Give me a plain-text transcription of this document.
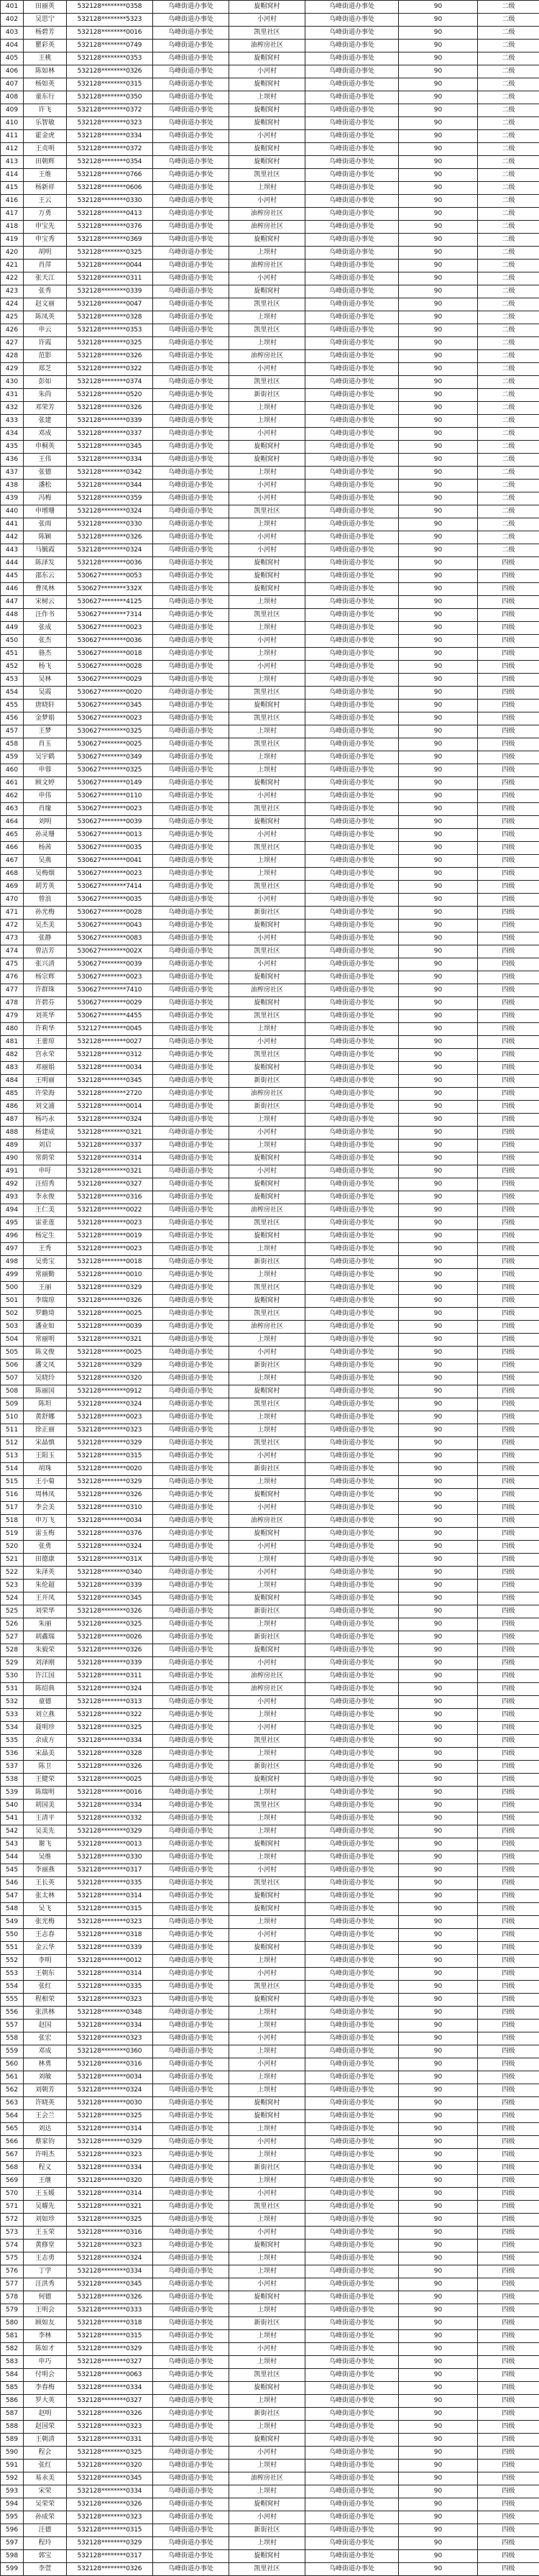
401	田丽英	532128********0358	乌峰街道办事处	旋帽窝村	乌峰街道办事处	90	二级
402	吴思宁	532128********5323	乌峰街道办事处	小河村	乌峰街道办事处	90	二级
403	杨碧芳	532128********0016	乌峰街道办事处	凯里社区	乌峰街道办事处	90	二级
404	瞿彩英	532128********0749	乌峰街道办事处	油榨房社区	乌峰街道办事处	90	二级
405	王桃	532128********0353	乌峰街道办事处	旋帽窝村	乌峰街道办事处	90	二级
406	陈如林	532128********0326	乌峰街道办事处	小河村	乌峰街道办事处	90	二级
407	杨如英	532128********0315	乌峰街道办事处	旋帽窝村	乌峰街道办事处	90	二级
408	童东行	532128********0350	乌峰街道办事处	上坝村	乌峰街道办事处	90	二级
409	许飞	532128********0372	乌峰街道办事处	旋帽窝村	乌峰街道办事处	90	二级
410	乐智敏	532128********0323	乌峰街道办事处	旋帽窝村	乌峰街道办事处	90	二级
411	霍金虎	532128********0334	乌峰街道办事处	小河村	乌峰街道办事处	90	二级
412	王贞明	532128********0372	乌峰街道办事处	旋帽窝村	乌峰街道办事处	90	二级
413	田朝辉	532128********0354	乌峰街道办事处	旋帽窝村	乌峰街道办事处	90	二级
414	王维	532128********0766	乌峰街道办事处	凯里社区	乌峰街道办事处	90	二级
415	杨新祥	532128********0606	乌峰街道办事处	上坝村	乌峰街道办事处	90	二级
416	王云	532128********0330	乌峰街道办事处	小河村	乌峰街道办事处	90	二级
417	万勇	532128********0413	乌峰街道办事处	油榨房社区	乌峰街道办事处	90	二级
418	申宝先	532128********0376	乌峰街道办事处	油榨房社区	乌峰街道办事处	90	二级
419	申宝秀	532128********0369	乌峰街道办事处	旋帽窝村	乌峰街道办事处	90	二级
420	胡明	532128********0325	乌峰街道办事处	上坝村	乌峰街道办事处	90	二级
421	肖萍	532128********0044	乌峰街道办事处	油榨房社区	乌峰街道办事处	90	二级
422	张天江	532128********0311	乌峰街道办事处	小河村	乌峰街道办事处	90	二级
423	张秀	532128********0339	乌峰街道办事处	旋帽窝村	乌峰街道办事处	90	二级
424	赵文丽	532128********0047	乌峰街道办事处	凯里社区	乌峰街道办事处	90	二级
425	陈凤英	532128********0328	乌峰街道办事处	上坝村	乌峰街道办事处	90	二级
426	申云	532128********0353	乌峰街道办事处	凯里社区	乌峰街道办事处	90	二级
427	许霞	532128********0325	乌峰街道办事处	上坝村	乌峰街道办事处	90	二级
428	范影	532128********0326	乌峰街道办事处	油榨房社区	乌峰街道办事处	90	二级
429	郑芝	532128********0322	乌峰街道办事处	小河村	乌峰街道办事处	90	二级
430	彭如	532128********0374	乌峰街道办事处	凯里社区	乌峰街道办事处	90	二级
431	朱尚	532128********0520	乌峰街道办事处	新街社区	乌峰街道办事处	90	二级
432	邓荣芳	532128********0326	乌峰街道办事处	上坝村	乌峰街道办事处	90	二级
433	张建	532128********0339	乌峰街道办事处	上坝村	乌峰街道办事处	90	二级
434	邓成	532128********0337	乌峰街道办事处	小河村	乌峰街道办事处	90	二级
435	申桐英	532128********0345	乌峰街道办事处	旋帽窝村	乌峰街道办事处	90	二级
436	王伟	532128********0334	乌峰街道办事处	旋帽窝村	乌峰街道办事处	90	二级
437	张德	532128********0342	乌峰街道办事处	上坝村	乌峰街道办事处	90	二级
438	潘松	532128********0344	乌峰街道办事处	小河村	乌峰街道办事处	90	二级
439	冯梅	532128********0359	乌峰街道办事处	小河村	乌峰街道办事处	90	二级
440	申增珊	532128********0324	乌峰街道办事处	凯里社区	乌峰街道办事处	90	二级
441	张雨	532128********0330	乌峰街道办事处	上坝村	乌峰街道办事处	90	二级
442	陈颖	532128********0326	乌峰街道办事处	小河村	乌峰街道办事处	90	二级
443	马毓霞	532128********0324	乌峰街道办事处	小河村	乌峰街道办事处	90	二级
444	陈泽发	532128********0036	乌峰街道办事处	旋帽窝村	乌峰街道办事处	90	四级
445	邵东云	530627********0053	乌峰街道办事处	旋帽窝村	乌峰街道办事处	90	四级
446	曹凤林	530627********332X	乌峰街道办事处	旋帽窝村	乌峰街道办事处	90	四级
447	宋树云	530627********4125	乌峰街道办事处	上坝村	乌峰街道办事处	90	四级
448	汪作书	530627********7314	乌峰街道办事处	凯里社区	乌峰街道办事处	90	四级
449	张成	530627********0023	乌峰街道办事处	上坝村	乌峰街道办事处	90	四级
450	张杰	530627********0036	乌峰街道办事处	小河村	乌峰街道办事处	90	四级
451	骆杰	530627********0018	乌峰街道办事处	上坝村	乌峰街道办事处	90	四级
452	杨飞	530627********0028	乌峰街道办事处	小河村	乌峰街道办事处	90	四级
453	吴林	530627********0029	乌峰街道办事处	上坝村	乌峰街道办事处	90	四级
454	吴霞	530627********0020	乌峰街道办事处	凯里社区	乌峰街道办事处	90	四级
455	唐晓轩	530627********0345	乌峰街道办事处	旋帽窝村	乌峰街道办事处	90	四级
456	金梦娟	530627********0023	乌峰街道办事处	凯里社区	乌峰街道办事处	90	四级
457	王梦	530627********0325	乌峰街道办事处	上坝村	乌峰街道办事处	90	四级
458	肖玉	530627********0025	乌峰街道办事处	凯里社区	乌峰街道办事处	90	四级
459	吴宇鹤	530627********0349	乌峰街道办事处	上坝村	乌峰街道办事处	90	四级
460	申蓉	530627********0325	乌峰街道办事处	上坝村	乌峰街道办事处	90	四级
461	顾文婷	530627********0149	乌峰街道办事处	旋帽窝村	乌峰街道办事处	90	四级
462	申伟	530627********0110	乌峰街道办事处	小河村	乌峰街道办事处	90	四级
463	肖缘	530627********0023	乌峰街道办事处	凯里社区	乌峰街道办事处	90	四级
464	刘明	530627********0039	乌峰街道办事处	旋帽窝村	乌峰街道办事处	90	四级
465	孙灵珊	530627********0013	乌峰街道办事处	小河村	乌峰街道办事处	90	四级
466	杨茜	530627********0035	乌峰街道办事处	凯里社区	乌峰街道办事处	90	四级
467	吴燕	530627********0041	乌峰街道办事处	上坝村	乌峰街道办事处	90	四级
468	吴梅烟	530627********0023	乌峰街道办事处	上坝村	乌峰街道办事处	90	四级
469	胡芳英	530627********7414	乌峰街道办事处	凯里社区	乌峰街道办事处	90	四级
470	曾浪	530627********0035	乌峰街道办事处	小河村	乌峰街道办事处	90	四级
471	孙光梅	530627********0028	乌峰街道办事处	新街社区	乌峰街道办事处	90	四级
472	吴杰美	530627********0043	乌峰街道办事处	旋帽窝村	乌峰街道办事处	90	四级
473	张静	530627********0083	乌峰街道办事处	小河村	乌峰街道办事处	90	四级
474	曾洁芳	530627********002X	乌峰街道办事处	凯里社区	乌峰街道办事处	90	四级
475	张兴清	530627********0039	乌峰街道办事处	小河村	乌峰街道办事处	90	四级
476	杨宗辉	530627********0023	乌峰街道办事处	旋帽窝村	乌峰街道办事处	90	四级
477	许群珠	530627********7410	乌峰街道办事处	油榨房社区	乌峰街道办事处	90	四级
478	许碧芬	530627********0029	乌峰街道办事处	旋帽窝村	乌峰街道办事处	90	四级
479	刘英华	530627********4455	乌峰街道办事处	凯里社区	乌峰街道办事处	90	四级
480	许莉华	532127********0045	乌峰街道办事处	上坝村	乌峰街道办事处	90	四级
481	王蕾琼	532128********0027	乌峰街道办事处	小河村	乌峰街道办事处	90	四级
482	宫永荣	532128********0312	乌峰街道办事处	凯里社区	乌峰街道办事处	90	四级
483	邓丽娟	532128********0034	乌峰街道办事处	旋帽窝村	乌峰街道办事处	90	四级
484	王明丽	532128********0345	乌峰街道办事处	新街社区	乌峰街道办事处	90	四级
485	许荣海	532128********2720	乌峰街道办事处	油榨房社区	乌峰街道办事处	90	四级
486	刘文浦	532128********0014	乌峰街道办事处	新街社区	乌峰街道办事处	90	四级
487	杨巧永	532128********0324	乌峰街道办事处	上坝村	乌峰街道办事处	90	四级
488	杨建成	532128********0321	乌峰街道办事处	小河村	乌峰街道办事处	90	四级
489	刘启	532128********0337	乌峰街道办事处	上坝村	乌峰街道办事处	90	四级
490	常荫荣	532128********0314	乌峰街道办事处	旋帽窝村	乌峰街道办事处	90	四级
491	申吁	532128********0321	乌峰街道办事处	小河村	乌峰街道办事处	90	四级
492	汪绍秀	532128********0327	乌峰街道办事处	旋帽窝村	乌峰街道办事处	90	四级
493	李永俊	532128********0316	乌峰街道办事处	旋帽窝村	乌峰街道办事处	90	四级
494	王仁美	532128********0022	乌峰街道办事处	油榨房社区	乌峰街道办事处	90	四级
495	雷亚莲	532128********0023	乌峰街道办事处	凯里社区	乌峰街道办事处	90	四级
496	杨定生	532128********0019	乌峰街道办事处	旋帽窝村	乌峰街道办事处	90	四级
497	王秀	532128********0023	乌峰街道办事处	上坝村	乌峰街道办事处	90	四级
498	吴勇宝	532128********0018	乌峰街道办事处	新街社区	乌峰街道办事处	90	四级
499	常丽勤	532128********0010	乌峰街道办事处	上坝村	乌峰街道办事处	90	四级
500	王丽	532128********0329	乌峰街道办事处	凯里社区	乌峰街道办事处	90	四级
501	李瑞琼	532128********0326	乌峰街道办事处	旋帽窝村	乌峰街道办事处	90	四级
502	罗瞻琦	532128********0025	乌峰街道办事处	凯里社区	乌峰街道办事处	90	四级
503	潘业如	532128********0039	乌峰街道办事处	油榨房社区	乌峰街道办事处	90	四级
504	常丽明	532128********0321	乌峰街道办事处	上坝村	乌峰街道办事处	90	四级
505	陈文俊	532128********0025	乌峰街道办事处	小河村	乌峰街道办事处	90	四级
506	潘文凤	532128********0329	乌峰街道办事处	新街社区	乌峰街道办事处	90	四级
507	吴晓玲	532128********0320	乌峰街道办事处	上坝村	乌峰街道办事处	90	四级
508	陈丽国	532128********0912	乌峰街道办事处	旋帽窝村	乌峰街道办事处	90	四级
509	陈坦	532128********0324	乌峰街道办事处	凯里社区	乌峰街道办事处	90	四级
510	黄舒娜	532128********0023	乌峰街道办事处	上坝村	乌峰街道办事处	90	四级
511	徐正丽	532128********0323	乌峰街道办事处	上坝村	乌峰街道办事处	90	四级
512	宋晶慎	532128********0329	乌峰街道办事处	凯里社区	乌峰街道办事处	90	四级
513	王阳玉	532128********0315	乌峰街道办事处	小河村	乌峰街道办事处	90	四级
514	胡珠	532128********0020	乌峰街道办事处	新街社区	乌峰街道办事处	90	四级
515	王小菊	532128********0329	乌峰街道办事处	上坝村	乌峰街道办事处	90	四级
516	周林凤	532128********0326	乌峰街道办事处	旋帽窝村	乌峰街道办事处	90	四级
517	李会美	532128********0310	乌峰街道办事处	小河村	乌峰街道办事处	90	四级
518	申万飞	532128********0034	乌峰街道办事处	油榨房社区	乌峰街道办事处	90	四级
519	雷玉梅	532128********0376	乌峰街道办事处	旋帽窝村	乌峰街道办事处	90	四级
520	张勇	532128********0324	乌峰街道办事处	小河村	乌峰街道办事处	90	四级
521	田德康	532128********031X	乌峰街道办事处	上坝村	乌峰街道办事处	90	四级
522	朱泽英	532128********0340	乌峰街道办事处	小河村	乌峰街道办事处	90	四级
523	朱伦超	532128********0339	乌峰街道办事处	上坝村	乌峰街道办事处	90	四级
524	王开凤	532128********0345	乌峰街道办事处	旋帽窝村	乌峰街道办事处	90	四级
525	刘荣华	532128********0326	乌峰街道办事处	新街社区	乌峰街道办事处	90	四级
526	朱丽	532128********0325	乌峰街道办事处	上坝村	乌峰街道办事处	90	四级
527	胡鑫瑞	532128********0026	乌峰街道办事处	新街社区	乌峰街道办事处	90	四级
528	朱毅荣	532128********0326	乌峰街道办事处	旋帽窝村	乌峰街道办事处	90	四级
529	刘泽刚	532128********0339	乌峰街道办事处	小河村	乌峰街道办事处	90	四级
530	许江国	532128********0311	乌峰街道办事处	油榨房社区	乌峰街道办事处	90	四级
531	陈绍典	532128********0324	乌峰街道办事处	油榨房社区	乌峰街道办事处	90	四级
532	童德	532128********0313	乌峰街道办事处	小河村	乌峰街道办事处	90	四级
533	刘立燕	532128********0322	乌峰街道办事处	上坝村	乌峰街道办事处	90	四级
534	聂明珍	532128********0325	乌峰街道办事处	小河村	乌峰街道办事处	90	四级
535	余成方	532128********0334	乌峰街道办事处	凯里社区	乌峰街道办事处	90	四级
536	宋晶美	532128********0328	乌峰街道办事处	上坝村	乌峰街道办事处	90	四级
537	陈卫	532128********0326	乌峰街道办事处	新街社区	乌峰街道办事处	90	四级
538	王健荣	532128********0025	乌峰街道办事处	旋帽窝村	乌峰街道办事处	90	四级
539	陈瑞明	532128********0016	乌峰街道办事处	上坝村	乌峰街道办事处	90	四级
540	胡国美	532128********0334	乌峰街道办事处	凯里社区	乌峰街道办事处	90	四级
541	王清平	532128********0332	乌峰街道办事处	上坝村	乌峰街道办事处	90	四级
542	吴美先	532128********0329	乌峰街道办事处	上坝村	乌峰街道办事处	90	四级
543	谢飞	532128********0013	乌峰街道办事处	旋帽窝村	乌峰街道办事处	90	四级
544	吴维	532128********0330	乌峰街道办事处	上坝村	乌峰街道办事处	90	四级
545	李丽燕	532128********0317	乌峰街道办事处	小河村	乌峰街道办事处	90	四级
546	王长英	532128********0335	乌峰街道办事处	凯里社区	乌峰街道办事处	90	四级
547	张太林	532128********0314	乌峰街道办事处	旋帽窝村	乌峰街道办事处	90	四级
548	吴飞	532128********0315	乌峰街道办事处	旋帽窝村	乌峰街道办事处	90	四级
549	张光梅	532128********0323	乌峰街道办事处	上坝村	乌峰街道办事处	90	四级
550	王志春	532128********0318	乌峰街道办事处	小河村	乌峰街道办事处	90	四级
551	金云华	532128********0339	乌峰街道办事处	旋帽窝村	乌峰街道办事处	90	四级
552	李明	532128********0012	乌峰街道办事处	上坝村	乌峰街道办事处	90	四级
553	王朝东	532128********0314	乌峰街道办事处	小河村	乌峰街道办事处	90	四级
554	张红	532128********0335	乌峰街道办事处	凯里社区	乌峰街道办事处	90	四级
555	程相荣	532128********0323	乌峰街道办事处	旋帽窝村	乌峰街道办事处	90	四级
556	张洪林	532128********0348	乌峰街道办事处	上坝村	乌峰街道办事处	90	四级
557	赵国	532128********0334	乌峰街道办事处	上坝村	乌峰街道办事处	90	四级
558	张宏	532128********0323	乌峰街道办事处	小河村	乌峰街道办事处	90	四级
559	邓成	532128********0360	乌峰街道办事处	上坝村	乌峰街道办事处	90	四级
560	林勇	532128********0316	乌峰街道办事处	小河村	乌峰街道办事处	90	四级
561	刘敏	532128********0034	乌峰街道办事处	上坝村	乌峰街道办事处	90	四级
562	刘朝芳	532128********0324	乌峰街道办事处	上坝村	乌峰街道办事处	90	四级
563	许晓英	532128********0030	乌峰街道办事处	旋帽窝村	乌峰街道办事处	90	四级
564	王会兰	532128********0325	乌峰街道办事处	旋帽窝村	乌峰街道办事处	90	四级
565	刘达	532128********0314	乌峰街道办事处	上坝村	乌峰街道办事处	90	四级
566	蔡家钧	532128********0329	乌峰街道办事处	小河村	乌峰街道办事处	90	四级
567	许明杰	532128********0323	乌峰街道办事处	上坝村	乌峰街道办事处	90	四级
568	程义	532128********0334	乌峰街道办事处	新街社区	乌峰街道办事处	90	四级
569	王继	532128********0320	乌峰街道办事处	上坝村	乌峰街道办事处	90	四级
570	王玉媛	532128********0314	乌峰街道办事处	小河村	乌峰街道办事处	90	四级
571	吴耀先	532128********0321	乌峰街道办事处	凯里社区	乌峰街道办事处	90	四级
572	刘如珍	532128********0325	乌峰街道办事处	上坝村	乌峰街道办事处	90	四级
573	王玉荣	532128********0316	乌峰街道办事处	小河村	乌峰街道办事处	90	四级
574	黄修堂	532128********0323	乌峰街道办事处	旋帽窝村	乌峰街道办事处	90	四级
575	王志勇	532128********0324	乌峰街道办事处	上坝村	乌峰街道办事处	90	四级
576	丁学	532128********0334	乌峰街道办事处	上坝村	乌峰街道办事处	90	四级
577	汪洪秀	532128********0345	乌峰街道办事处	小河村	乌峰街道办事处	90	四级
578	何德	532128********0326	乌峰街道办事处	旋帽窝村	乌峰街道办事处	90	四级
579	王明会	532128********0333	乌峰街道办事处	上坝村	乌峰街道办事处	90	四级
580	顾如友	532128********0318	乌峰街道办事处	新街社区	乌峰街道办事处	90	四级
581	李林	532128********0315	乌峰街道办事处	上坝村	乌峰街道办事处	90	四级
582	陈如才	532128********0329	乌峰街道办事处	小河村	乌峰街道办事处	90	四级
583	申巧	532128********0327	乌峰街道办事处	上坝村	乌峰街道办事处	90	四级
584	付明会	532128********0063	乌峰街道办事处	凯里社区	乌峰街道办事处	90	四级
585	李春梅	532128********0334	乌峰街道办事处	旋帽窝村	乌峰街道办事处	90	四级
586	罗大英	532128********0327	乌峰街道办事处	上坝村	乌峰街道办事处	90	四级
587	赵明	532128********0326	乌峰街道办事处	新街社区	乌峰街道办事处	90	四级
588	赵国荣	532128********0323	乌峰街道办事处	上坝村	乌峰街道办事处	90	四级
589	王朝清	532128********0331	乌峰街道办事处	旋帽窝村	乌峰街道办事处	90	四级
590	程会	532128********0325	乌峰街道办事处	小河村	乌峰街道办事处	90	四级
591	张红	532128********0320	乌峰街道办事处	上坝村	乌峰街道办事处	90	四级
592	易永美	532128********0345	乌峰街道办事处	油榨房社区	乌峰街道办事处	90	四级
593	宋荣	532128********0334	乌峰街道办事处	上坝村	乌峰街道办事处	90	四级
594	吴荣荣	532128********0326	乌峰街道办事处	旋帽窝村	乌峰街道办事处	90	四级
595	孙成荣	532128********0323	乌峰街道办事处	小河村	乌峰街道办事处	90	四级
596	汪德	532128********0315	乌峰街道办事处	新街社区	乌峰街道办事处	90	四级
597	程玲	532128********0329	乌峰街道办事处	上坝村	乌峰街道办事处	90	四级
598	郭宝	532128********0317	乌峰街道办事处	旋帽窝村	乌峰街道办事处	90	四级
599	李萱	532128********0326	乌峰街道办事处	凯里社区	乌峰街道办事处	90	四级
